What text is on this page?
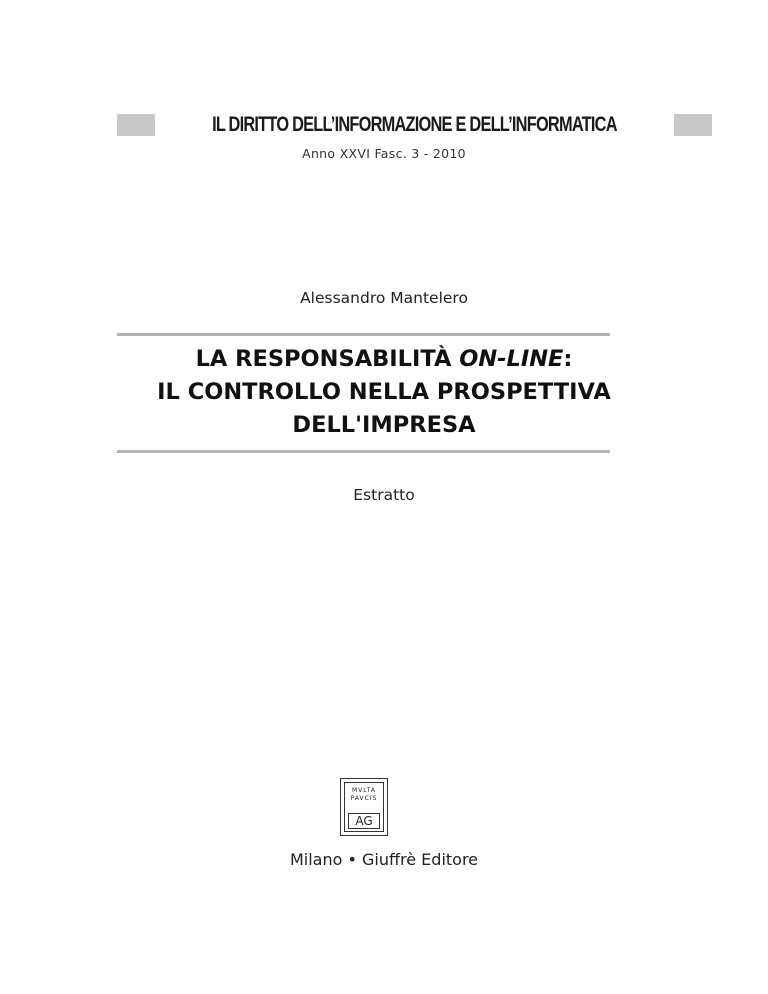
IL DIRITTO DELL’INFORMAZIONE E DELL’INFORMATICA
Anno XXVI Fasc. 3 - 2010
Alessandro Mantelero
LA RESPONSABILITÀ ON-LINE:
IL CONTROLLO NELLA PROSPETTIVA
DELL'IMPRESA
Estratto
MVLTA
PAVCIS
AG
Milano • Giuffrè Editore
